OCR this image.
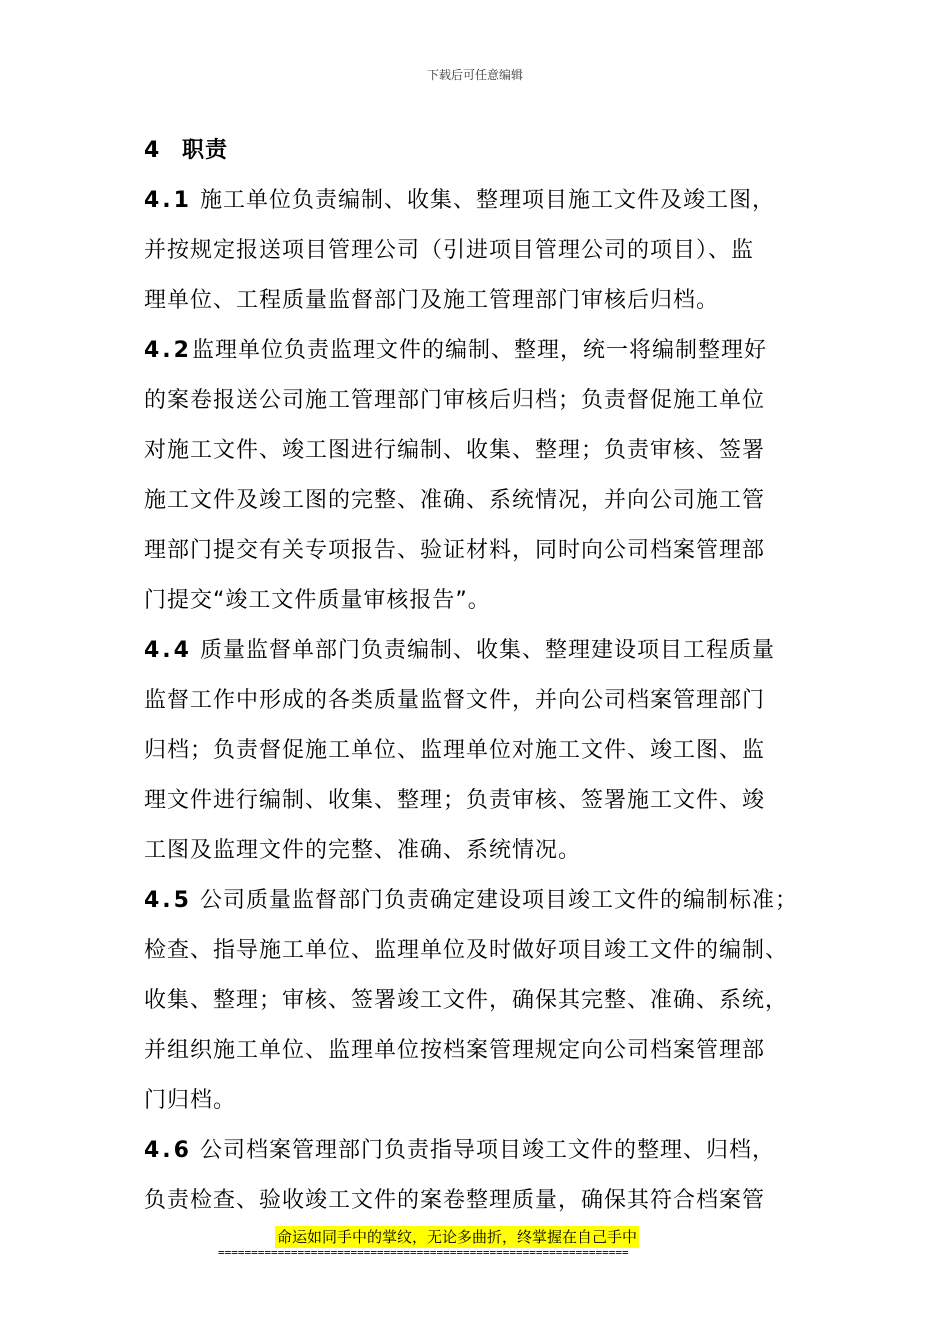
下载后可任意编辑

4 职责

4.1 施工单位负责编制、收集、整理项目施工文件及竣工图，
并按规定报送项目管理公司（引进项目管理公司的项目）、监
理单位、工程质量监督部门及施工管理部门审核后归档。

4.2监理单位负责监理文件的编制、整理，统一将编制整理好
的案卷报送公司施工管理部门审核后归档；负责督促施工单位
对施工文件、竣工图进行编制、收集、整理；负责审核、签署
施工文件及竣工图的完整、准确、系统情况，并向公司施工管
理部门提交有关专项报告、验证材料，同时向公司档案管理部
门提交“竣工文件质量审核报告”。

4.4 质量监督单部门负责编制、收集、整理建设项目工程质量
监督工作中形成的各类质量监督文件，并向公司档案管理部门
归档；负责督促施工单位、监理单位对施工文件、竣工图、监
理文件进行编制、收集、整理；负责审核、签署施工文件、竣
工图及监理文件的完整、准确、系统情况。

4.5 公司质量监督部门负责确定建设项目竣工文件的编制标准；
检查、指导施工单位、监理单位及时做好项目竣工文件的编制、
收集、整理；审核、签署竣工文件，确保其完整、准确、系统，
并组织施工单位、监理单位按档案管理规定向公司档案管理部
门归档。

4.6 公司档案管理部门负责指导项目竣工文件的整理、归档，
负责检查、验收竣工文件的案卷整理质量，确保其符合档案管

命运如同手中的掌纹，无论多曲折，终掌握在自己手中
==============================================================
